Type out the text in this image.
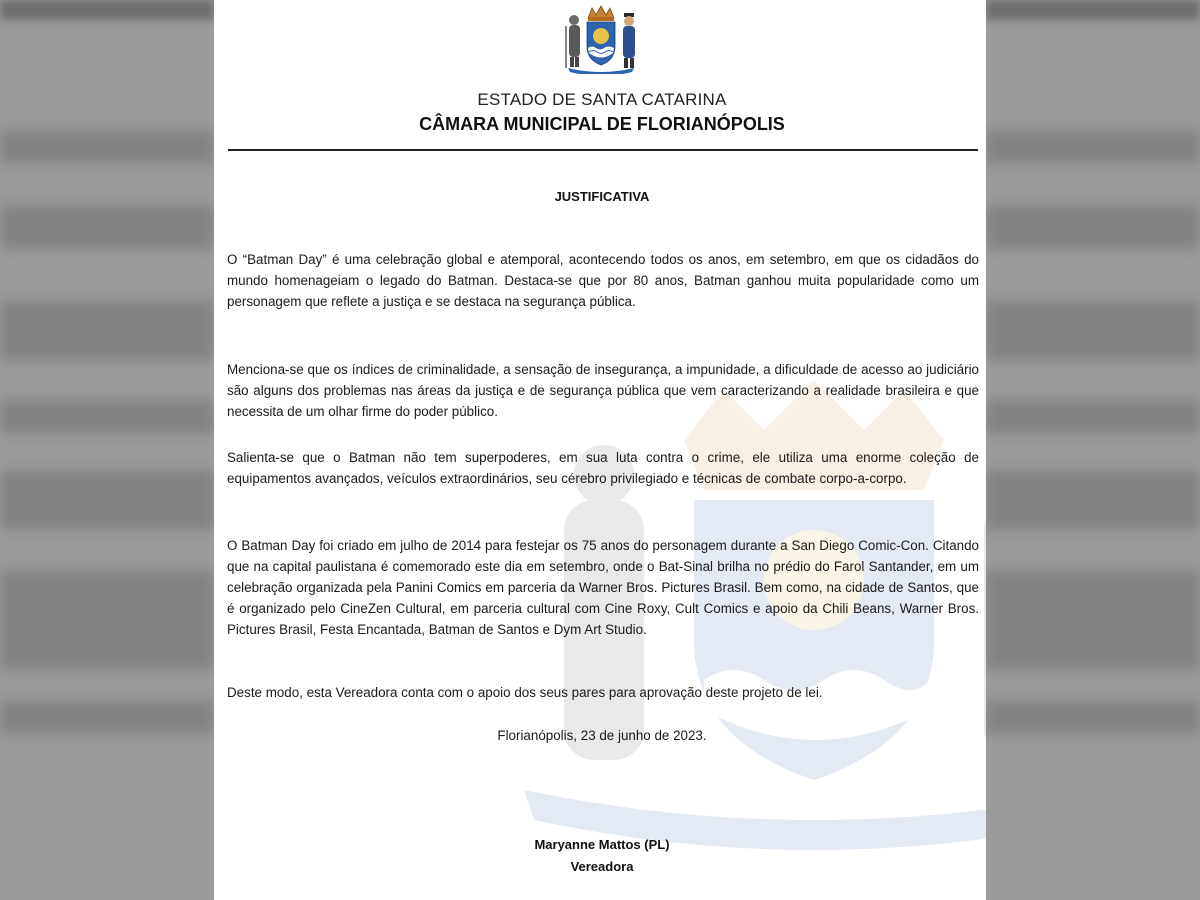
ESTADO DE SANTA CATARINA
CÂMARA MUNICIPAL DE FLORIANÓPOLIS
JUSTIFICATIVA
O “Batman Day” é uma celebração global e atemporal, acontecendo todos os anos, em setembro, em que os cidadãos do mundo homenageiam o legado do Batman. Destaca-se que por 80 anos, Batman ganhou muita popularidade como um personagem que reflete a justiça e se destaca na segurança pública.
Menciona-se que os índices de criminalidade, a sensação de insegurança, a impunidade, a dificuldade de acesso ao judiciário são alguns dos problemas nas áreas da justiça e de segurança pública que vem caracterizando a realidade brasileira e que necessita de um olhar firme do poder público.
Salienta-se que o Batman não tem superpoderes, em sua luta contra o crime, ele utiliza uma enorme coleção de equipamentos avançados, veículos extraordinários, seu cérebro privilegiado e técnicas de combate corpo-a-corpo.
O Batman Day foi criado em julho de 2014 para festejar os 75 anos do personagem durante a San Diego Comic-Con. Citando que na capital paulistana é comemorado este dia em setembro, onde o Bat-Sinal brilha no prédio do Farol Santander, em um celebração organizada pela Panini Comics em parceria da Warner Bros. Pictures Brasil. Bem como, na cidade de Santos, que é organizado pelo CineZen Cultural, em parceria cultural com Cine Roxy, Cult Comics e apoio da Chili Beans, Warner Bros. Pictures Brasil, Festa Encantada, Batman de Santos e Dym Art Studio.
Deste modo, esta Vereadora conta com o apoio dos seus pares para aprovação deste projeto de lei.
Florianópolis, 23 de junho de 2023.
Maryanne Mattos (PL)
Vereadora
